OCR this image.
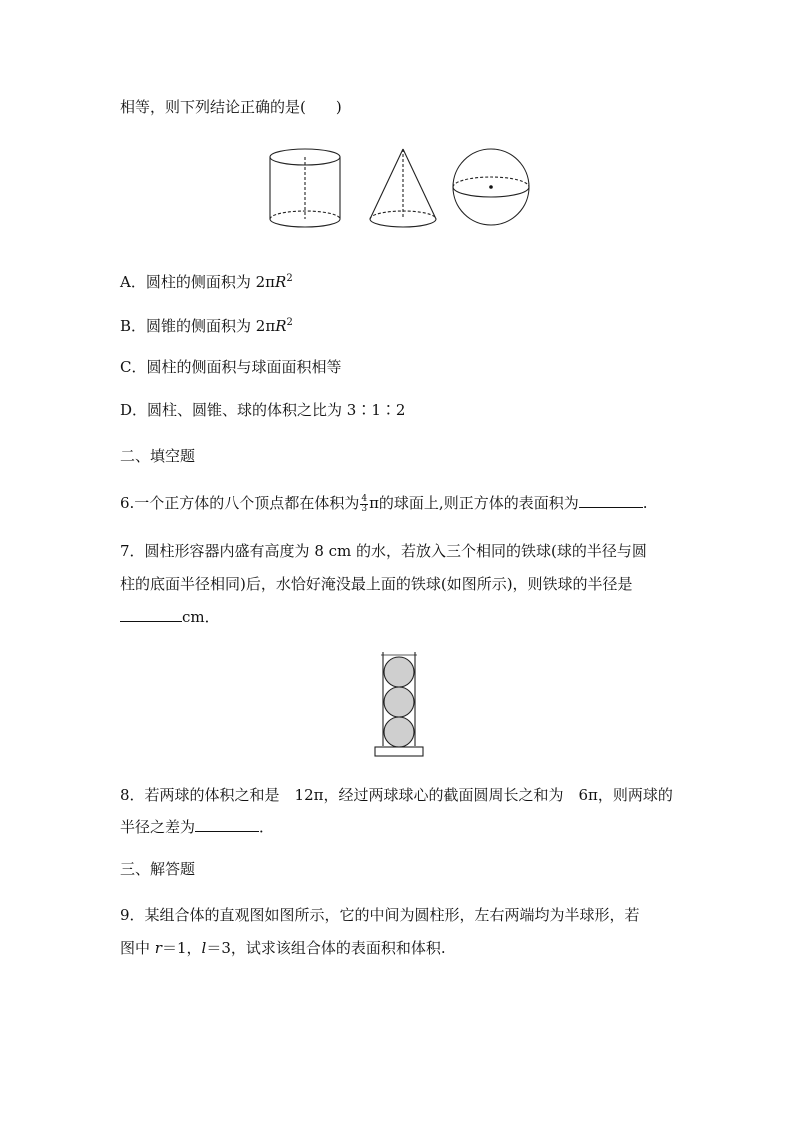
相等，则下列结论正确的是(　　)
A．圆柱的侧面积为 $2\pi R^2$
B．圆锥的侧面积为 $2\pi R^2$
C．圆柱的侧面积与球面面积相等
D．圆柱、圆锥、球的体积之比为 3∶1∶2
二、填空题
6.一个正方体的八个顶点都在体积为 $\frac{4}{3}$ π的球面上,则正方体的表面积为	.
7．圆柱形容器内盛有高度为 8 cm 的水，若放入三个相同的铁球(球的半径与圆
柱的底面半径相同)后，水恰好淹没最上面的铁球(如图所示)，则铁球的半径是
cm．
8．若两球的体积之和是　12π，经过两球球心的截面圆周长之和为　6π，则两球的
半径之差为	．
三、解答题
9．某组合体的直观图如图所示，它的中间为圆柱形，左右两端均为半球形，若
图中 r＝1，l＝3，试求该组合体的表面积和体积.
